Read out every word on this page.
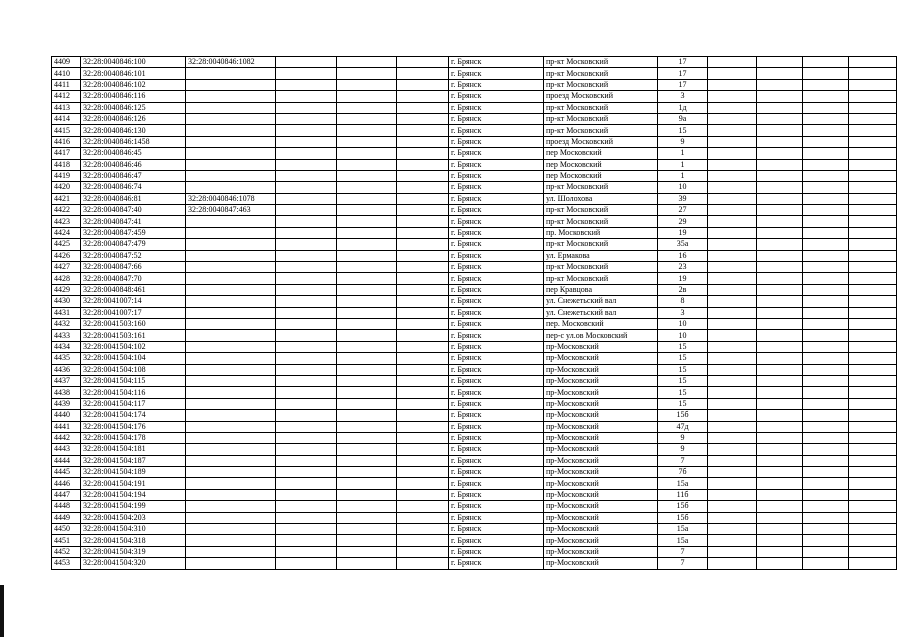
4409	32:28:0040846:100	32:28:0040846:1082				г. Брянск	пр-кт Московский	17				
4410	32:28:0040846:101					г. Брянск	пр-кт Московский	17				
4411	32:28:0040846:102					г. Брянск	пр-кт Московский	17				
4412	32:28:0040846:116					г. Брянск	проезд Московский	3				
4413	32:28:0040846:125					г. Брянск	пр-кт Московский	1д				
4414	32:28:0040846:126					г. Брянск	пр-кт Московский	9а				
4415	32:28:0040846:130					г. Брянск	пр-кт Московский	15				
4416	32:28:0040846:1458					г. Брянск	проезд Московский	9				
4417	32:28:0040846:45					г. Брянск	пер Московский	1				
4418	32:28:0040846:46					г. Брянск	пер Московский	1				
4419	32:28:0040846:47					г. Брянск	пер Московский	1				
4420	32:28:0040846:74					г. Брянск	пр-кт Московский	10				
4421	32:28:0040846:81	32:28:0040846:1078				г. Брянск	ул. Шолохова	39				
4422	32:28:0040847:40	32:28:0040847:463				г. Брянск	пр-кт Московский	27				
4423	32:28:0040847:41					г. Брянск	пр-кт Московский	29				
4424	32:28:0040847:459					г. Брянск	пр. Московский	19				
4425	32:28:0040847:479					г. Брянск	пр-кт Московский	35а				
4426	32:28:0040847:52					г. Брянск	ул. Ермакова	16				
4427	32:28:0040847:66					г. Брянск	пр-кт Московский	23				
4428	32:28:0040847:70					г. Брянск	пр-кт Московский	19				
4429	32:28:0040848:461					г. Брянск	пер Кравцова	2в				
4430	32:28:0041007:14					г. Брянск	ул. Снежетьский вал	8				
4431	32:28:0041007:17					г. Брянск	ул. Снежетьский вал	3				
4432	32:28:0041503:160					г. Брянск	пер. Московский	10				
4433	32:28:0041503:161					г. Брянск	пер-с ул.ов Московский	10				
4434	32:28:0041504:102					г. Брянск	пр-Московский	15				
4435	32:28:0041504:104					г. Брянск	пр-Московский	15				
4436	32:28:0041504:108					г. Брянск	пр-Московский	15				
4437	32:28:0041504:115					г. Брянск	пр-Московский	15				
4438	32:28:0041504:116					г. Брянск	пр-Московский	15				
4439	32:28:0041504:117					г. Брянск	пр-Московский	15				
4440	32:28:0041504:174					г. Брянск	пр-Московский	15б				
4441	32:28:0041504:176					г. Брянск	пр-Московский	47д				
4442	32:28:0041504:178					г. Брянск	пр-Московский	9				
4443	32:28:0041504:181					г. Брянск	пр-Московский	9				
4444	32:28:0041504:187					г. Брянск	пр-Московский	7				
4445	32:28:0041504:189					г. Брянск	пр-Московский	7б				
4446	32:28:0041504:191					г. Брянск	пр-Московский	15а				
4447	32:28:0041504:194					г. Брянск	пр-Московский	11б				
4448	32:28:0041504:199					г. Брянск	пр-Московский	15б				
4449	32:28:0041504:203					г. Брянск	пр-Московский	15б				
4450	32:28:0041504:310					г. Брянск	пр-Московский	15а				
4451	32:28:0041504:318					г. Брянск	пр-Московский	15а				
4452	32:28:0041504:319					г. Брянск	пр-Московский	7				
4453	32:28:0041504:320					г. Брянск	пр-Московский	7				
